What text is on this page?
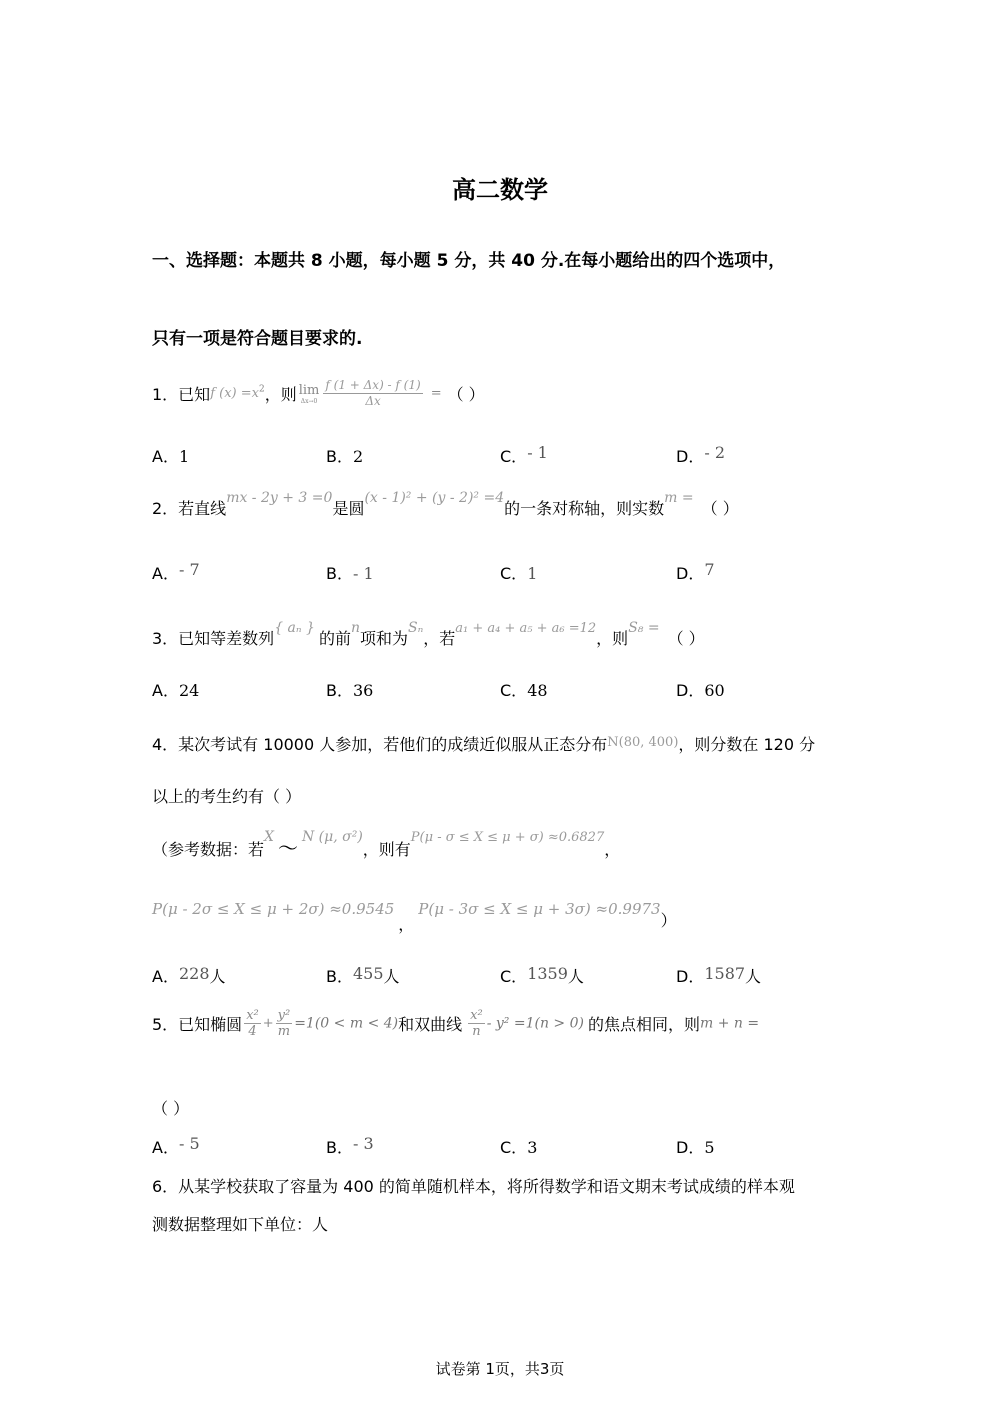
高二数学
一、选择题：本题共 8 小题，每小题 5 分，共 40 分.在每小题给出的四个选项中，
只有一项是符合题目要求的.
1．已知f $(x) =x^2$，则 lim
$\Delta x\to 0 \frac{f (1 + \Delta x) - f (1)}{\Delta x}$ = （ ）
A．1	B．2	C．- 1	D．- 2
2．若直线mx - 2y + 3 =0是圆(x - 1)² + (y - 2)² =4的一条对称轴，则实数m =（ ）
A．- 7	B．- 1	C．1	D．7
3．已知等差数列{ aₙ }的前n项和为Sₙ，若a₁ + a₄ + a₅ + a₆ =12，则S₈ =（ ）
A．24	B．36	C．48	D．60
4．某次考试有 10000 人参加，若他们的成绩近似服从正态分布N(80, 400)，则分数在 120 分
以上的考生约有（ ）
（参考数据：若X ～ N (μ, σ²)，则有P(μ - σ ≤ X ≤ μ + σ) ≈0.6827，
P(μ - 2σ ≤ X ≤ μ + 2σ) ≈0.9545，P(μ - 3σ ≤ X ≤ μ + 3σ) ≈0.9973）
A．228人	B．455人	C．1359人	D．1587人
5．已知椭圆 $\frac{\text{x²}}{4} + \frac{\text{y²}}{m} =1(0 < m < 4)$和双曲线 $\frac{\text{x²}}{n} - y^2 =1(n > 0)$ 的焦点相同，则m + n =
（ ）
A．- 5	B．- 3	C．3	D．5
6．从某学校获取了容量为 400 的简单随机样本，将所得数学和语文期末考试成绩的样本观
测数据整理如下单位：人
试卷第 1页，共3页
